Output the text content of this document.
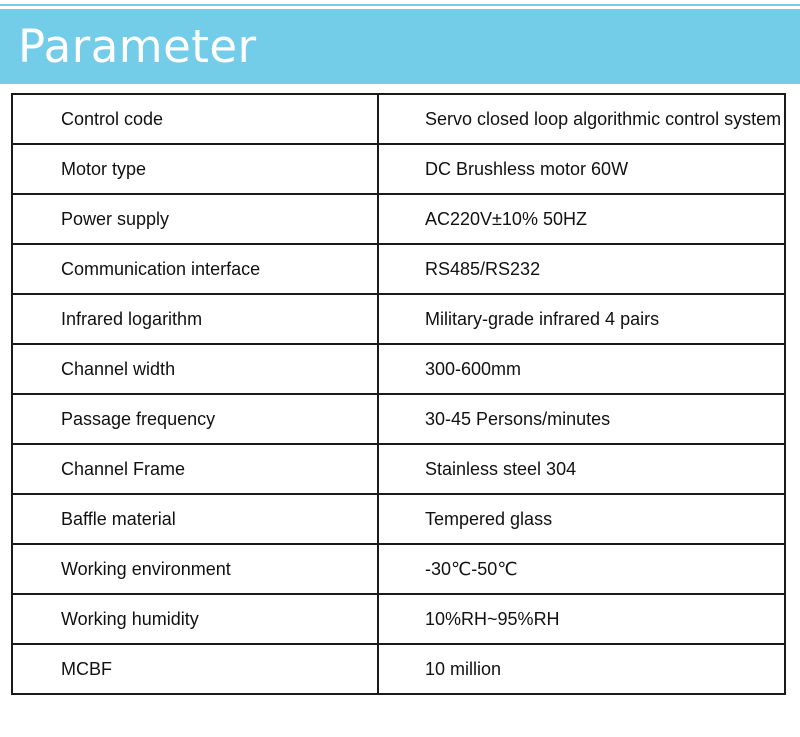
Parameter
Control code	Servo closed loop algorithmic control system
Motor type	DC Brushless motor 60W
Power supply	AC220V±10% 50HZ
Communication interface	RS485/RS232
Infrared logarithm	Military-grade infrared 4 pairs
Channel width	300-600mm
Passage frequency	30-45 Persons/minutes
Channel Frame	Stainless steel 304
Baffle material	Tempered glass
Working environment	-30℃-50℃
Working humidity	10%RH~95%RH
MCBF	10 million
